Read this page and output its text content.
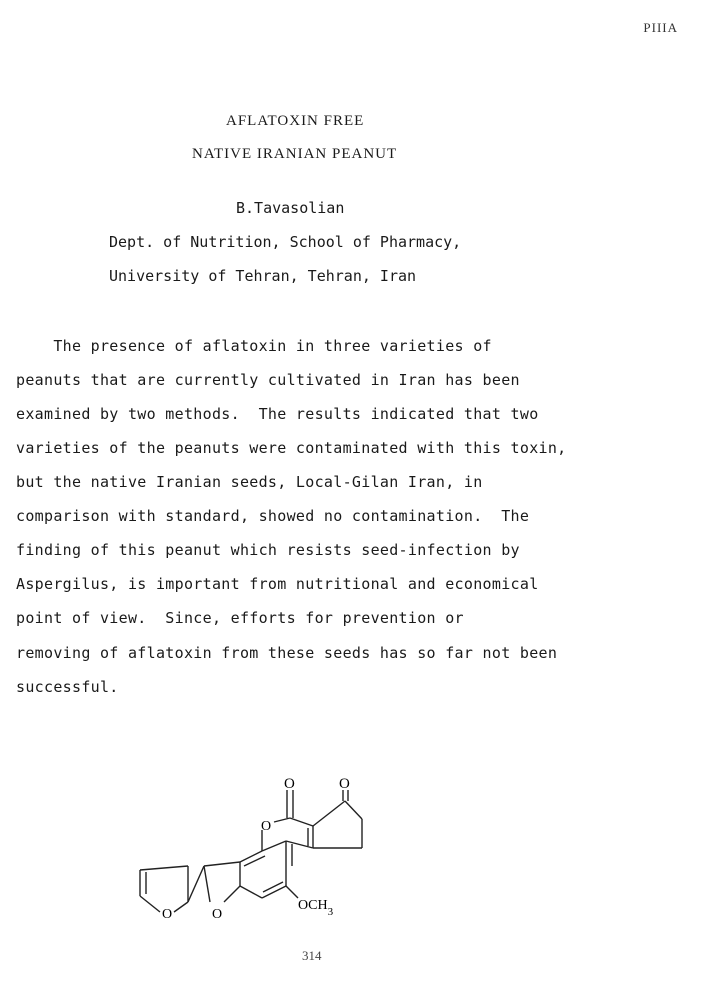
PIIIA
AFLATOXIN FREE
NATIVE IRANIAN PEANUT
B.Tavasolian
Dept. of Nutrition, School of Pharmacy,
University of Tehran, Tehran, Iran
The presence of aflatoxin in three varieties of
peanuts that are currently cultivated in Iran has been
examined by two methods.  The results indicated that two
varieties of the peanuts were contaminated with this toxin,
but the native Iranian seeds, Local-Gilan Iran, in
comparison with standard, showed no contamination.  The
finding of this peanut which resists seed-infection by
Aspergilus, is important from nutritional and economical
point of view.  Since, efforts for prevention or
removing of aflatoxin from these seeds has so far not been
successful.
O	O
O
O	O
$OCH_3$
314
